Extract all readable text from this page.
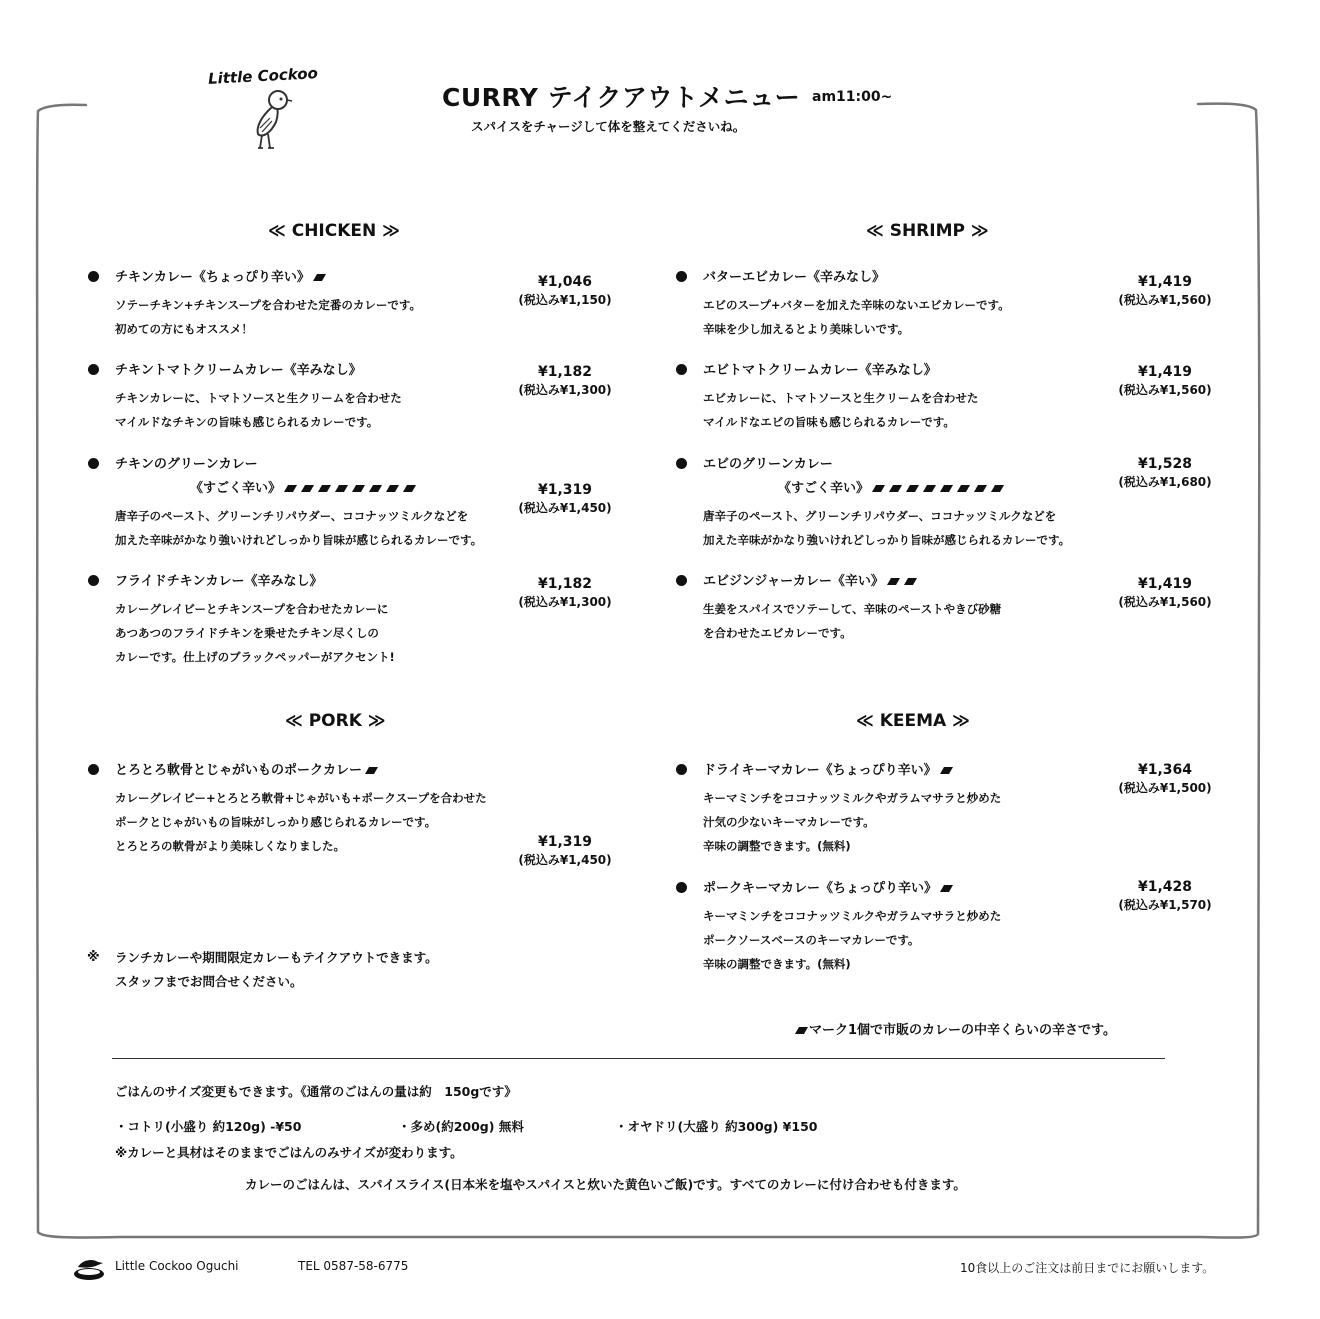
Little Cockoo
CURRY テイクアウトメニュー am11:00~
スパイスをチャージして体を整えてくださいね。
≪ CHICKEN ≫	≪ SHRIMP ≫
≪ PORK ≫	≪ KEEMA ≫
チキンカレー《ちょっぴり辛い》
ソテーチキン+チキンスープを合わせた定番のカレーです。
初めての方にもオススメ！
¥1,046
(税込み¥1,150)
チキントマトクリームカレー《辛みなし》
チキンカレーに、トマトソースと生クリームを合わせた
マイルドなチキンの旨味も感じられるカレーです。
¥1,182
(税込み¥1,300)
チキンのグリーンカレー
《すごく辛い》
唐辛子のペースト、グリーンチリパウダー、ココナッツミルクなどを
加えた辛味がかなり強いけれどしっかり旨味が感じられるカレーです。
¥1,319
(税込み¥1,450)
フライドチキンカレー《辛みなし》
カレーグレイビーとチキンスープを合わせたカレーに
あつあつのフライドチキンを乗せたチキン尽くしの
カレーです。仕上げのブラックペッパーがアクセント!
¥1,182
(税込み¥1,300)
バターエビカレー《辛みなし》
エビのスープ+バターを加えた辛味のないエビカレーです。
辛味を少し加えるとより美味しいです。
¥1,419
(税込み¥1,560)
エビトマトクリームカレー《辛みなし》
エビカレーに、トマトソースと生クリームを合わせた
マイルドなエビの旨味も感じられるカレーです。
¥1,419
(税込み¥1,560)
エビのグリーンカレー
《すごく辛い》
唐辛子のペースト、グリーンチリパウダー、ココナッツミルクなどを
加えた辛味がかなり強いけれどしっかり旨味が感じられるカレーです。
¥1,528
(税込み¥1,680)
エビジンジャーカレー《辛い》
生姜をスパイスでソテーして、辛味のペーストやきび砂糖
を合わせたエビカレーです。
¥1,419
(税込み¥1,560)
とろとろ軟骨とじゃがいものポークカレー
カレーグレイビー+とろとろ軟骨+じゃがいも+ポークスープを合わせた
ポークとじゃがいもの旨味がしっかり感じられるカレーです。
とろとろの軟骨がより美味しくなりました。	¥1,319
(税込み¥1,450)
ドライキーマカレー《ちょっぴり辛い》
キーマミンチをココナッツミルクやガラムマサラと炒めた
汁気の少ないキーマカレーです。
辛味の調整できます。(無料)
¥1,364
(税込み¥1,500)
ポークキーマカレー《ちょっぴり辛い》
キーマミンチをココナッツミルクやガラムマサラと炒めた
ポークソースベースのキーマカレーです。
辛味の調整できます。(無料)
¥1,428
(税込み¥1,570)
※ ランチカレーや期間限定カレーもテイクアウトできます。
スタッフまでお問合せください。
マーク1個で市販のカレーの中辛くらいの辛さです。
ごはんのサイズ変更もできます。《通常のごはんの量は約　150gです》
・コトリ(小盛り 約120g) -¥50	・多め(約200g) 無料	・オヤドリ(大盛り 約300g) ¥150
※カレーと具材はそのままでごはんのみサイズが変わります。
カレーのごはんは、スパイスライス(日本米を塩やスパイスと炊いた黄色いご飯)です。すべてのカレーに付け合わせも付きます。
Little Cockoo Oguchi	TEL 0587-58-6775	10食以上のご注文は前日までにお願いします。
